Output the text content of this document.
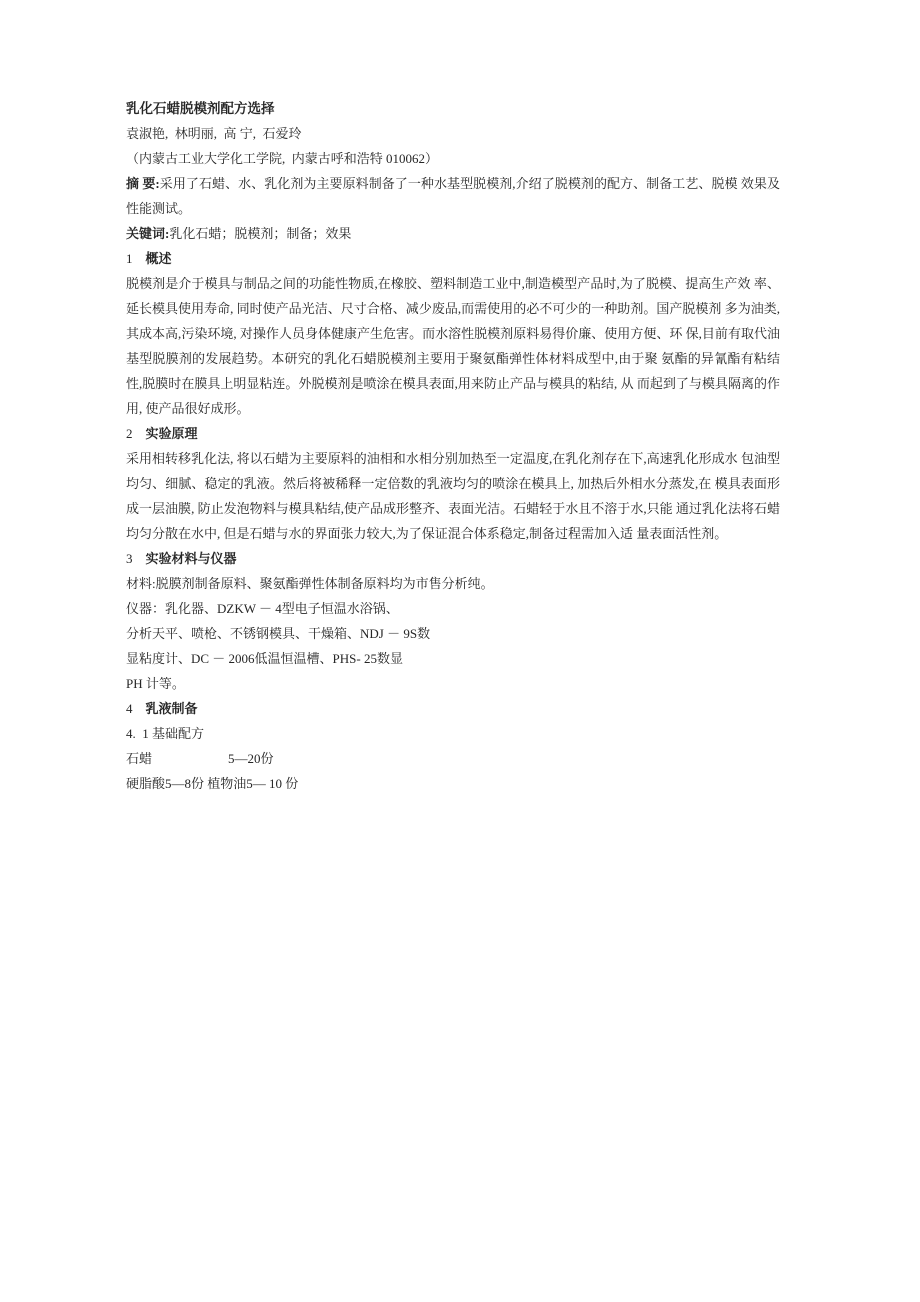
乳化石蜡脱模剂配方选择

袁淑艳,  林明丽,  高 宁,  石爱玲

（内蒙古工业大学化工学院,  内蒙古呼和浩特 010062）

摘 要:采用了石蜡、水、乳化剂为主要原料制备了一种水基型脱模剂,介绍了脱模剂的配方、制备工艺、脱模 效果及性能测试。

关键词:乳化石蜡；脱模剂；制备；效果

1 概述

脱模剂是介于模具与制品之间的功能性物质,在橡胶、塑料制造工业中,制造模型产品时,为了脱模、提高生产效 率、延长模具使用寿命, 同时使产品光洁、尺寸合格、减少废品,而需使用的必不可少的一种助剂。国产脱模剂 多为油类,其成本高,污染环境, 对操作人员身体健康产生危害。而水溶性脱模剂原料易得价廉、使用方便、环 保,目前有取代油基型脱膜剂的发展趋势。本研究的乳化石蜡脱模剂主要用于聚氨酯弹性体材料成型中,由于聚 氨酯的异氰酯有粘结性,脱膜时在膜具上明显粘连。外脱模剂是喷涂在模具表面,用来防止产品与模具的粘结, 从 而起到了与模具隔离的作用, 使产品很好成形。

2 实验原理

采用相转移乳化法, 将以石蜡为主要原料的油相和水相分别加热至一定温度,在乳化剂存在下,高速乳化形成水 包油型均匀、细腻、稳定的乳液。然后将被稀释一定倍数的乳液均匀的喷涂在模具上, 加热后外相水分蒸发,在 模具表面形成一层油膜, 防止发泡物料与模具粘结,使产品成形整齐、表面光洁。石蜡轻于水且不溶于水,只能 通过乳化法将石蜡均匀分散在水中, 但是石蜡与水的界面张力较大,为了保证混合体系稳定,制备过程需加入适 量表面活性剂。

3 实验材料与仪器

材料:脱膜剂制备原料、聚氨酯弹性体制备原料均为市售分析纯。

仪器：乳化器、DZKW － 4型电子恒温水浴锅、

分析天平、喷枪、不锈钢模具、干燥箱、NDJ － 9S数

显粘度计、DC － 2006低温恒温槽、PHS- 25数显

PH 计等。

4 乳液制备

4.  1 基础配方

石蜡	5—20份

硬脂酸5—8份 植物油5— 10 份
